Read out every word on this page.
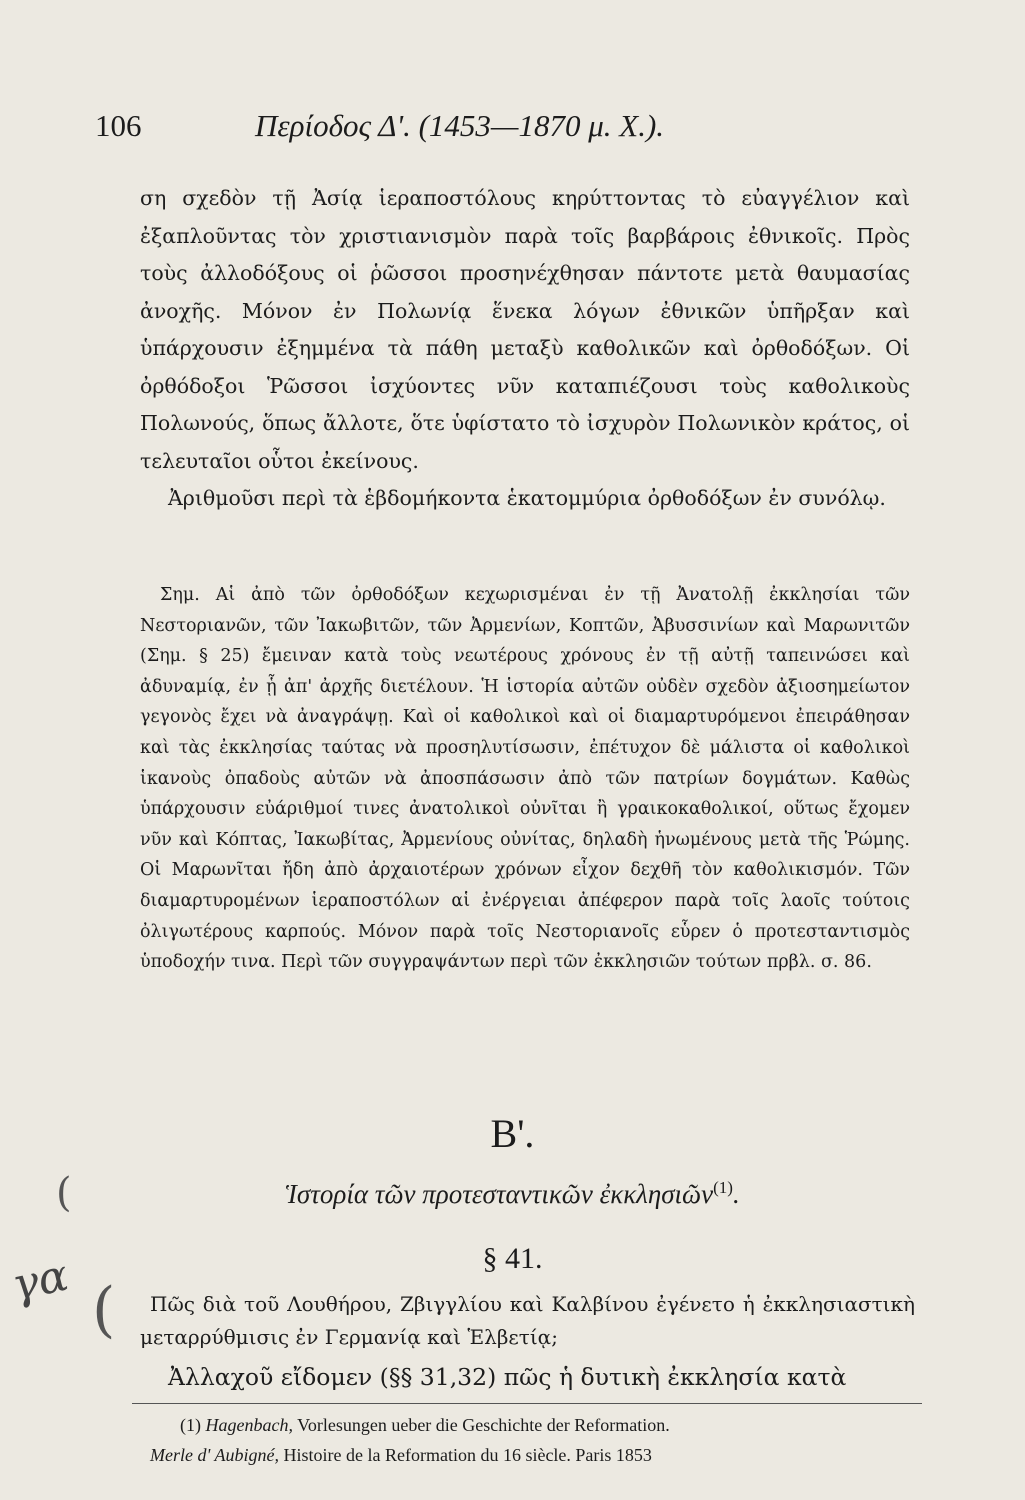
106	Περίοδος Δ'. (1453—1870 μ. Χ.).

ση σχεδὸν τῇ Ἀσίᾳ ἱεραποστόλους κηρύττοντας τὸ εὐαγγέλιον καὶ ἐξαπλοῦντας τὸν χριστιανισμὸν παρὰ τοῖς βαρβάροις ἐθνικοῖς. Πρὸς τοὺς ἀλλοδόξους οἱ ῥῶσσοι προσηνέχθησαν πάντοτε μετὰ θαυμασίας ἀνοχῆς. Μόνον ἐν Πολωνίᾳ ἕνεκα λόγων ἐθνικῶν ὑπῆρξαν καὶ ὑπάρχουσιν ἐξημμένα τὰ πάθη μεταξὺ καθολικῶν καὶ ὀρθοδόξων. Οἱ ὀρθόδοξοι Ῥῶσσοι ἰσχύοντες νῦν καταπιέζουσι τοὺς καθολικοὺς Πολωνούς, ὅπως ἄλλοτε, ὅτε ὑφίστατο τὸ ἰσχυρὸν Πολωνικὸν κράτος, οἱ τελευταῖοι οὗτοι ἐκείνους.

Ἀριθμοῦσι περὶ τὰ ἑβδομήκοντα ἑκατομμύρια ὀρθοδόξων ἐν συνόλῳ.

Σημ. Αἱ ἀπὸ τῶν ὀρθοδόξων κεχωρισμέναι ἐν τῇ Ἀνατολῇ ἐκκλησίαι τῶν Νεστοριανῶν, τῶν Ἰακωβιτῶν, τῶν Ἀρμενίων, Κοπτῶν, Ἀβυσσινίων καὶ Μαρωνιτῶν (Σημ. § 25) ἔμειναν κατὰ τοὺς νεωτέρους χρόνους ἐν τῇ αὐτῇ ταπεινώσει καὶ ἀδυναμίᾳ, ἐν ᾗ ἀπ' ἀρχῆς διετέλουν. Ἡ ἱστορία αὐτῶν οὐδὲν σχεδὸν ἀξιοσημείωτον γεγονὸς ἔχει νὰ ἀναγράψῃ. Καὶ οἱ καθολικοὶ καὶ οἱ διαμαρτυρόμενοι ἐπειράθησαν καὶ τὰς ἐκκλησίας ταύτας νὰ προσηλυτίσωσιν, ἐπέτυχον δὲ μάλιστα οἱ καθολικοὶ ἱκανοὺς ὀπαδοὺς αὐτῶν νὰ ἀποσπάσωσιν ἀπὸ τῶν πατρίων δογμάτων. Καθὼς ὑπάρχουσιν εὐάριθμοί τινες ἀνατολικοὶ οὐνῖται ἢ γραικοκαθολικοί, οὕτως ἔχομεν νῦν καὶ Κόπτας, Ἰακωβίτας, Ἀρμενίους οὐνίτας, δηλαδὴ ἡνωμένους μετὰ τῆς Ῥώμης. Οἱ Μαρωνῖται ἤδη ἀπὸ ἀρχαιοτέρων χρόνων εἶχον δεχθῆ τὸν καθολικισμόν. Τῶν διαμαρτυρομένων ἱεραποστόλων αἱ ἐνέργειαι ἀπέφερον παρὰ τοῖς λαοῖς τούτοις ὀλιγωτέρους καρπούς. Μόνον παρὰ τοῖς Νεστοριανοῖς εὗρεν ὁ προτεσταντισμὸς ὑποδοχήν τινα. Περὶ τῶν συγγραψάντων περὶ τῶν ἐκκλησιῶν τούτων πρβλ. σ. 86.

Β'.
Ἱστορία τῶν προτεσταντικῶν ἐκκλησιῶν$^{(1)}$.
§ 41.

Πῶς διὰ τοῦ Λουθήρου, Ζβιγγλίου καὶ Καλβίνου ἐγένετο ἡ ἐκκλησιαστικὴ μεταρρύθμισις ἐν Γερμανίᾳ καὶ Ἑλβετίᾳ;

Ἀλλαχοῦ εἴδομεν (§§ 31,32) πῶς ἡ δυτικὴ ἐκκλησία κατὰ

(1) Hagenbach, Vorlesungen ueber die Geschichte der Reformation.

Merle d' Aubigné, Histoire de la Reformation du 16 siècle. Paris 1853

γα
(
(
